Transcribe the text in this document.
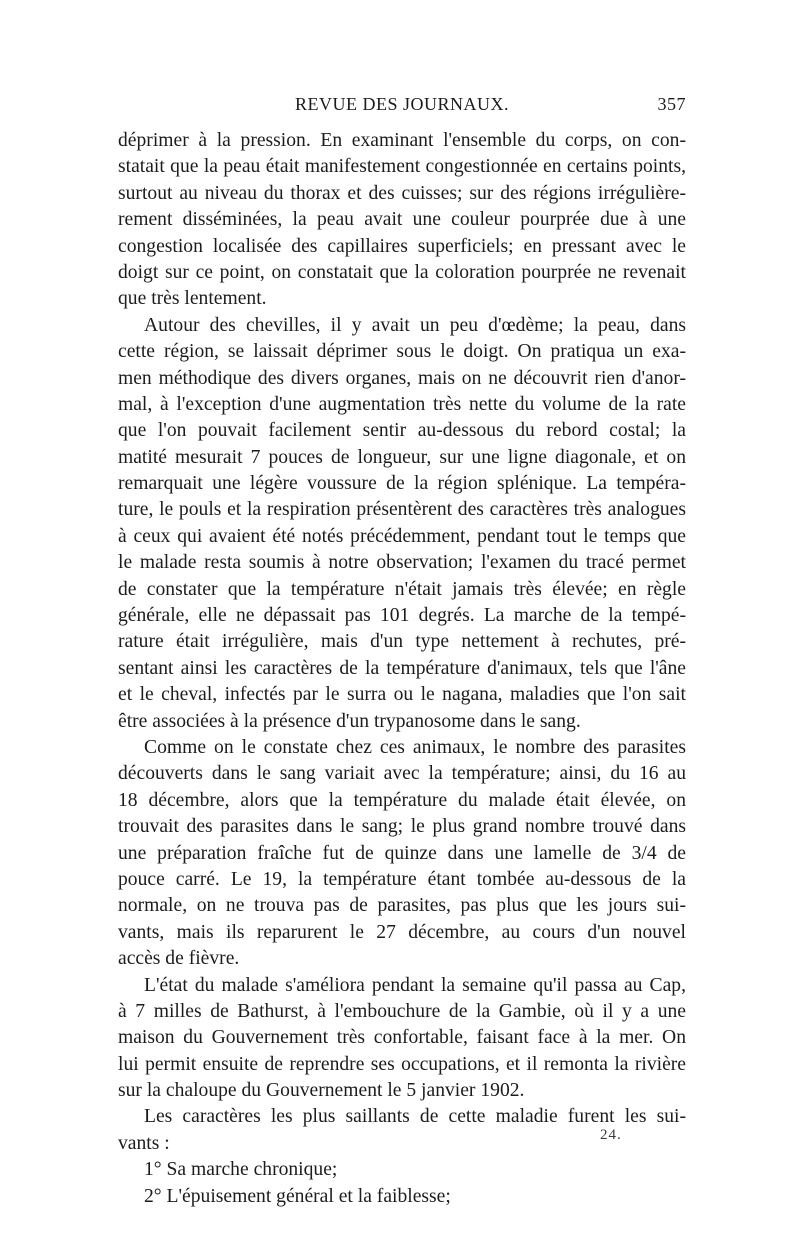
REVUE DES JOURNAUX.	357
déprimer à la pression. En examinant l'ensemble du corps, on con-
statait que la peau était manifestement congestionnée en certains points,
surtout au niveau du thorax et des cuisses; sur des régions irrégulière-
rement disséminées, la peau avait une couleur pourprée due à une
congestion localisée des capillaires superficiels; en pressant avec le
doigt sur ce point, on constatait que la coloration pourprée ne revenait
que très lentement.
Autour des chevilles, il y avait un peu d'œdème; la peau, dans
cette région, se laissait déprimer sous le doigt. On pratiqua un exa-
men méthodique des divers organes, mais on ne découvrit rien d'anor-
mal, à l'exception d'une augmentation très nette du volume de la rate
que l'on pouvait facilement sentir au-dessous du rebord costal; la
matité mesurait 7 pouces de longueur, sur une ligne diagonale, et on
remarquait une légère voussure de la région splénique. La tempéra-
ture, le pouls et la respiration présentèrent des caractères très analogues
à ceux qui avaient été notés précédemment, pendant tout le temps que
le malade resta soumis à notre observation; l'examen du tracé permet
de constater que la température n'était jamais très élevée; en règle
générale, elle ne dépassait pas 101 degrés. La marche de la tempé-
rature était irrégulière, mais d'un type nettement à rechutes, pré-
sentant ainsi les caractères de la température d'animaux, tels que l'âne
et le cheval, infectés par le surra ou le nagana, maladies que l'on sait
être associées à la présence d'un trypanosome dans le sang.
Comme on le constate chez ces animaux, le nombre des parasites
découverts dans le sang variait avec la température; ainsi, du 16 au
18 décembre, alors que la température du malade était élevée, on
trouvait des parasites dans le sang; le plus grand nombre trouvé dans
une préparation fraîche fut de quinze dans une lamelle de 3/4 de
pouce carré. Le 19, la température étant tombée au-dessous de la
normale, on ne trouva pas de parasites, pas plus que les jours sui-
vants, mais ils reparurent le 27 décembre, au cours d'un nouvel
accès de fièvre.
L'état du malade s'améliora pendant la semaine qu'il passa au Cap,
à 7 milles de Bathurst, à l'embouchure de la Gambie, où il y a une
maison du Gouvernement très confortable, faisant face à la mer. On
lui permit ensuite de reprendre ses occupations, et il remonta la rivière
sur la chaloupe du Gouvernement le 5 janvier 1902.
Les caractères les plus saillants de cette maladie furent les sui-
vants :
1° Sa marche chronique;
2° L'épuisement général et la faiblesse;
24.
